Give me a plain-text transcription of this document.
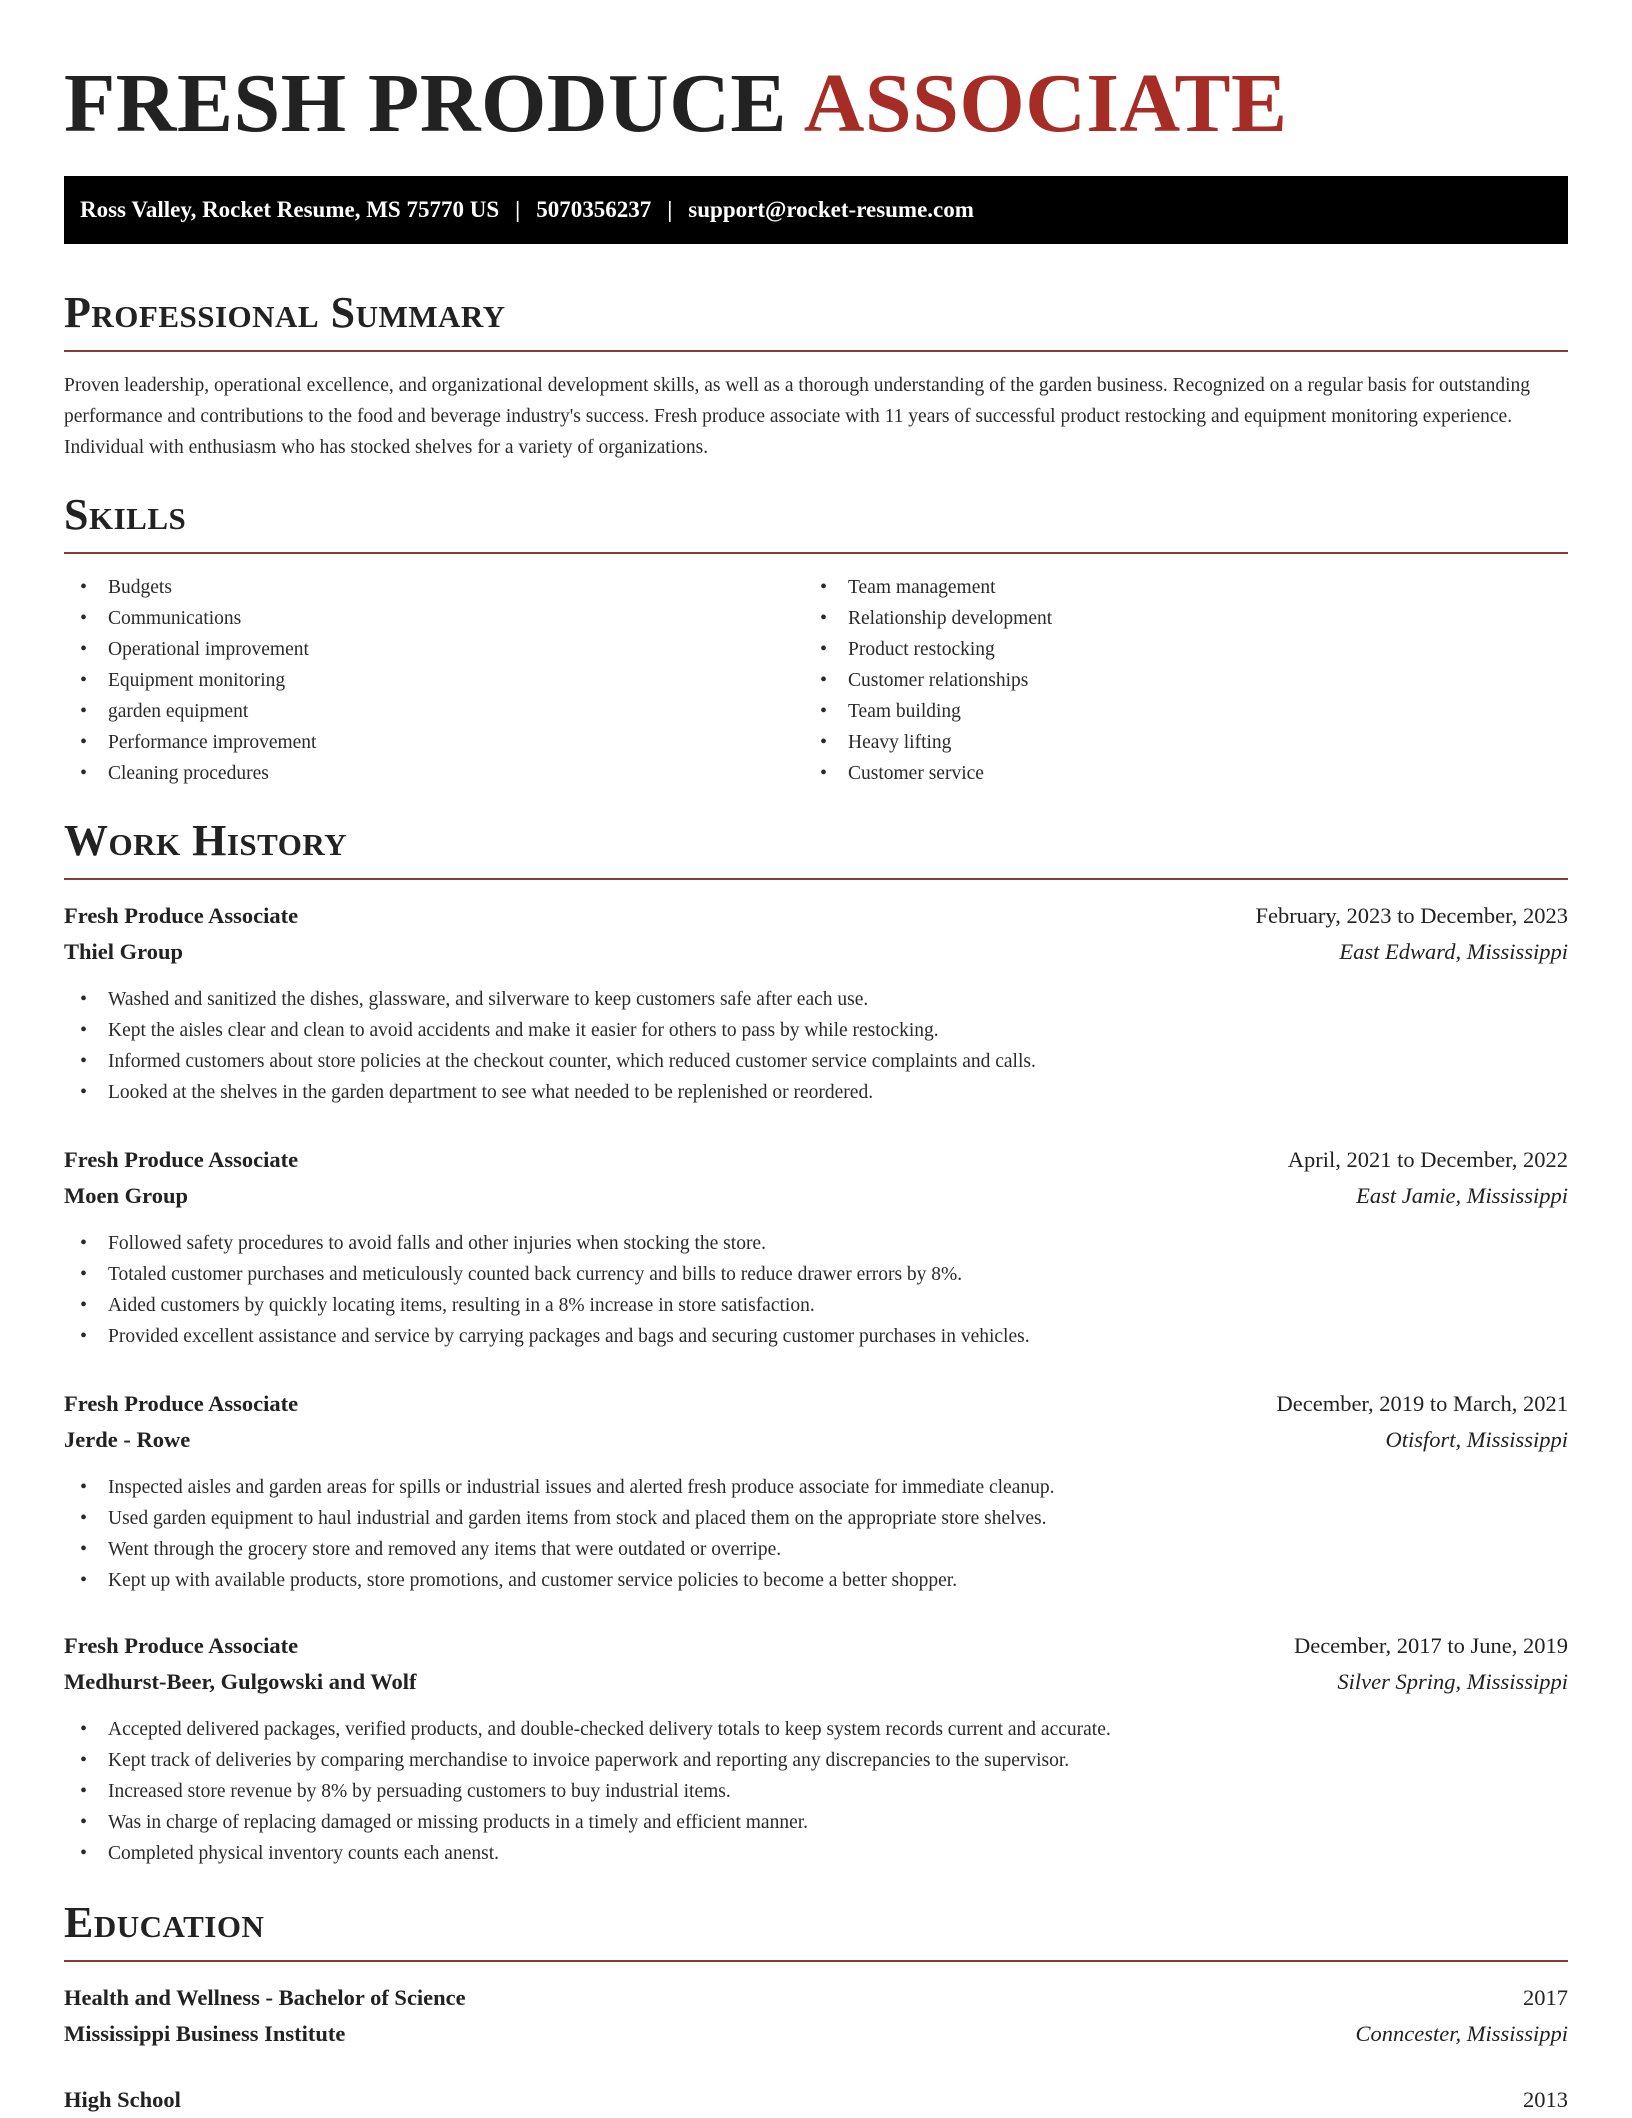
FRESH PRODUCE ASSOCIATE
Ross Valley, Rocket Resume, MS 75770 US | 5070356237 | support@rocket-resume.com
Professional Summary
Proven leadership, operational excellence, and organizational development skills, as well as a thorough understanding of the garden business. Recognized on a regular basis for outstanding performance and contributions to the food and beverage industry's success. Fresh produce associate with 11 years of successful product restocking and equipment monitoring experience. Individual with enthusiasm who has stocked shelves for a variety of organizations.
Skills
• Budgets
• Communications
• Operational improvement
• Equipment monitoring
• garden equipment
• Performance improvement
• Cleaning procedures
• Team management
• Relationship development
• Product restocking
• Customer relationships
• Team building
• Heavy lifting
• Customer service
Work History
Fresh Produce Associate	February, 2023 to December, 2023
Thiel Group	East Edward, Mississippi
• Washed and sanitized the dishes, glassware, and silverware to keep customers safe after each use.
• Kept the aisles clear and clean to avoid accidents and make it easier for others to pass by while restocking.
• Informed customers about store policies at the checkout counter, which reduced customer service complaints and calls.
• Looked at the shelves in the garden department to see what needed to be replenished or reordered.
Fresh Produce Associate	April, 2021 to December, 2022
Moen Group	East Jamie, Mississippi
• Followed safety procedures to avoid falls and other injuries when stocking the store.
• Totaled customer purchases and meticulously counted back currency and bills to reduce drawer errors by 8%.
• Aided customers by quickly locating items, resulting in a 8% increase in store satisfaction.
• Provided excellent assistance and service by carrying packages and bags and securing customer purchases in vehicles.
Fresh Produce Associate	December, 2019 to March, 2021
Jerde - Rowe	Otisfort, Mississippi
• Inspected aisles and garden areas for spills or industrial issues and alerted fresh produce associate for immediate cleanup.
• Used garden equipment to haul industrial and garden items from stock and placed them on the appropriate store shelves.
• Went through the grocery store and removed any items that were outdated or overripe.
• Kept up with available products, store promotions, and customer service policies to become a better shopper.
Fresh Produce Associate	December, 2017 to June, 2019
Medhurst-Beer, Gulgowski and Wolf	Silver Spring, Mississippi
• Accepted delivered packages, verified products, and double-checked delivery totals to keep system records current and accurate.
• Kept track of deliveries by comparing merchandise to invoice paperwork and reporting any discrepancies to the supervisor.
• Increased store revenue by 8% by persuading customers to buy industrial items.
• Was in charge of replacing damaged or missing products in a timely and efficient manner.
• Completed physical inventory counts each anenst.
Education
Health and Wellness - Bachelor of Science	2017
Mississippi Business Institute	Conncester, Mississippi
High School	2013
